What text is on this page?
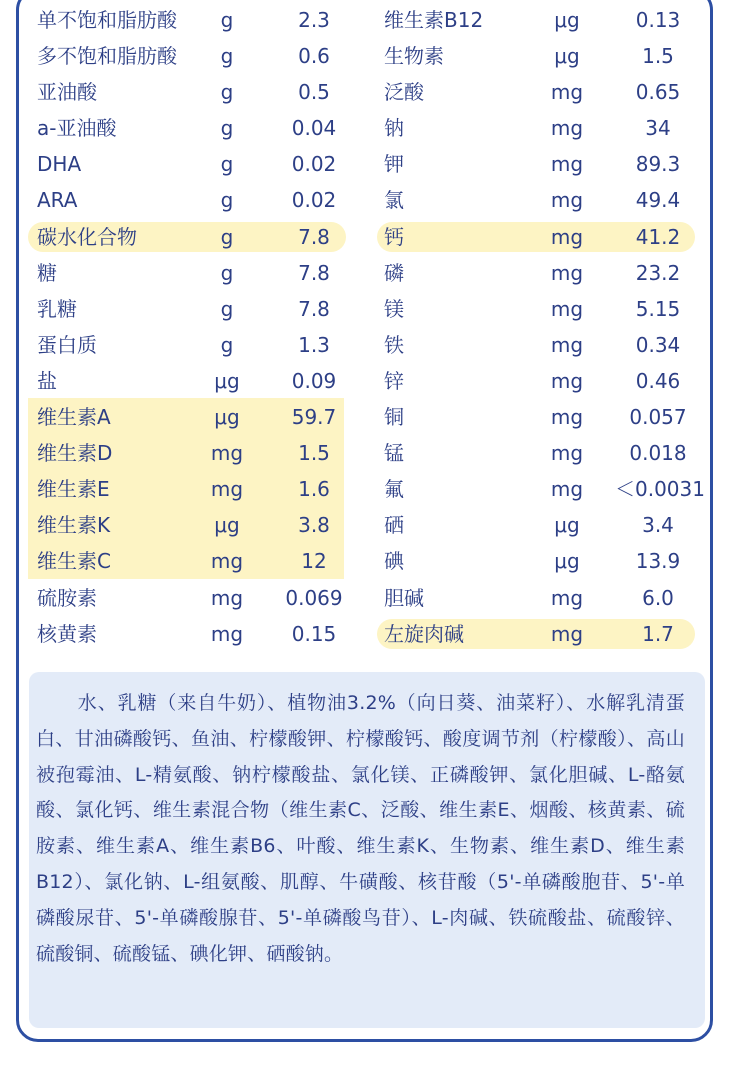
单不饱和脂肪酸	g	2.3
多不饱和脂肪酸	g	0.6
亚油酸	g	0.5
a-亚油酸	g	0.04
DHA	g	0.02
ARA	g	0.02
碳水化合物	g	7.8
糖	g	7.8
乳糖	g	7.8
蛋白质	g	1.3
盐	μg	0.09
维生素A	μg	59.7
维生素D	mg	1.5
维生素E	mg	1.6
维生素K	μg	3.8
维生素C	mg	12
硫胺素	mg 0.069
核黄素	mg	0.15
维生素B12	μg	0.13
生物素	μg	1.5
泛酸	mg	0.65
钠	mg	34
钾	mg	89.3
氯	mg	49.4
钙	mg	41.2
磷	mg	23.2
镁	mg	5.15
铁	mg	0.34
锌	mg	0.46
铜	mg	0.057
锰	mg	0.018
氟	mg ＜0.0031
硒	μg	3.4
碘	μg	13.9
胆碱	mg	6.0
左旋肉碱	mg	1.7
水、乳糖（来自牛奶）、植物油3.2%（向日葵、油菜籽）、水解乳清蛋白、甘油磷酸钙、鱼油、柠檬酸钾、柠檬酸钙、酸度调节剂（柠檬酸）、高山被孢霉油、L-精氨酸、钠柠檬酸盐、氯化镁、正磷酸钾、氯化胆碱、L-酪氨酸、氯化钙、维生素混合物（维生素C、泛酸、维生素E、烟酸、核黄素、硫胺素、维生素A、维生素B6、叶酸、维生素K、生物素、维生素D、维生素B12）、氯化钠、L-组氨酸、肌醇、牛磺酸、核苷酸（5'-单磷酸胞苷、5'-单磷酸尿苷、5'-单磷酸腺苷、5'-单磷酸鸟苷）、L-肉碱、铁硫酸盐、硫酸锌、硫酸铜、硫酸锰、碘化钾、硒酸钠。
